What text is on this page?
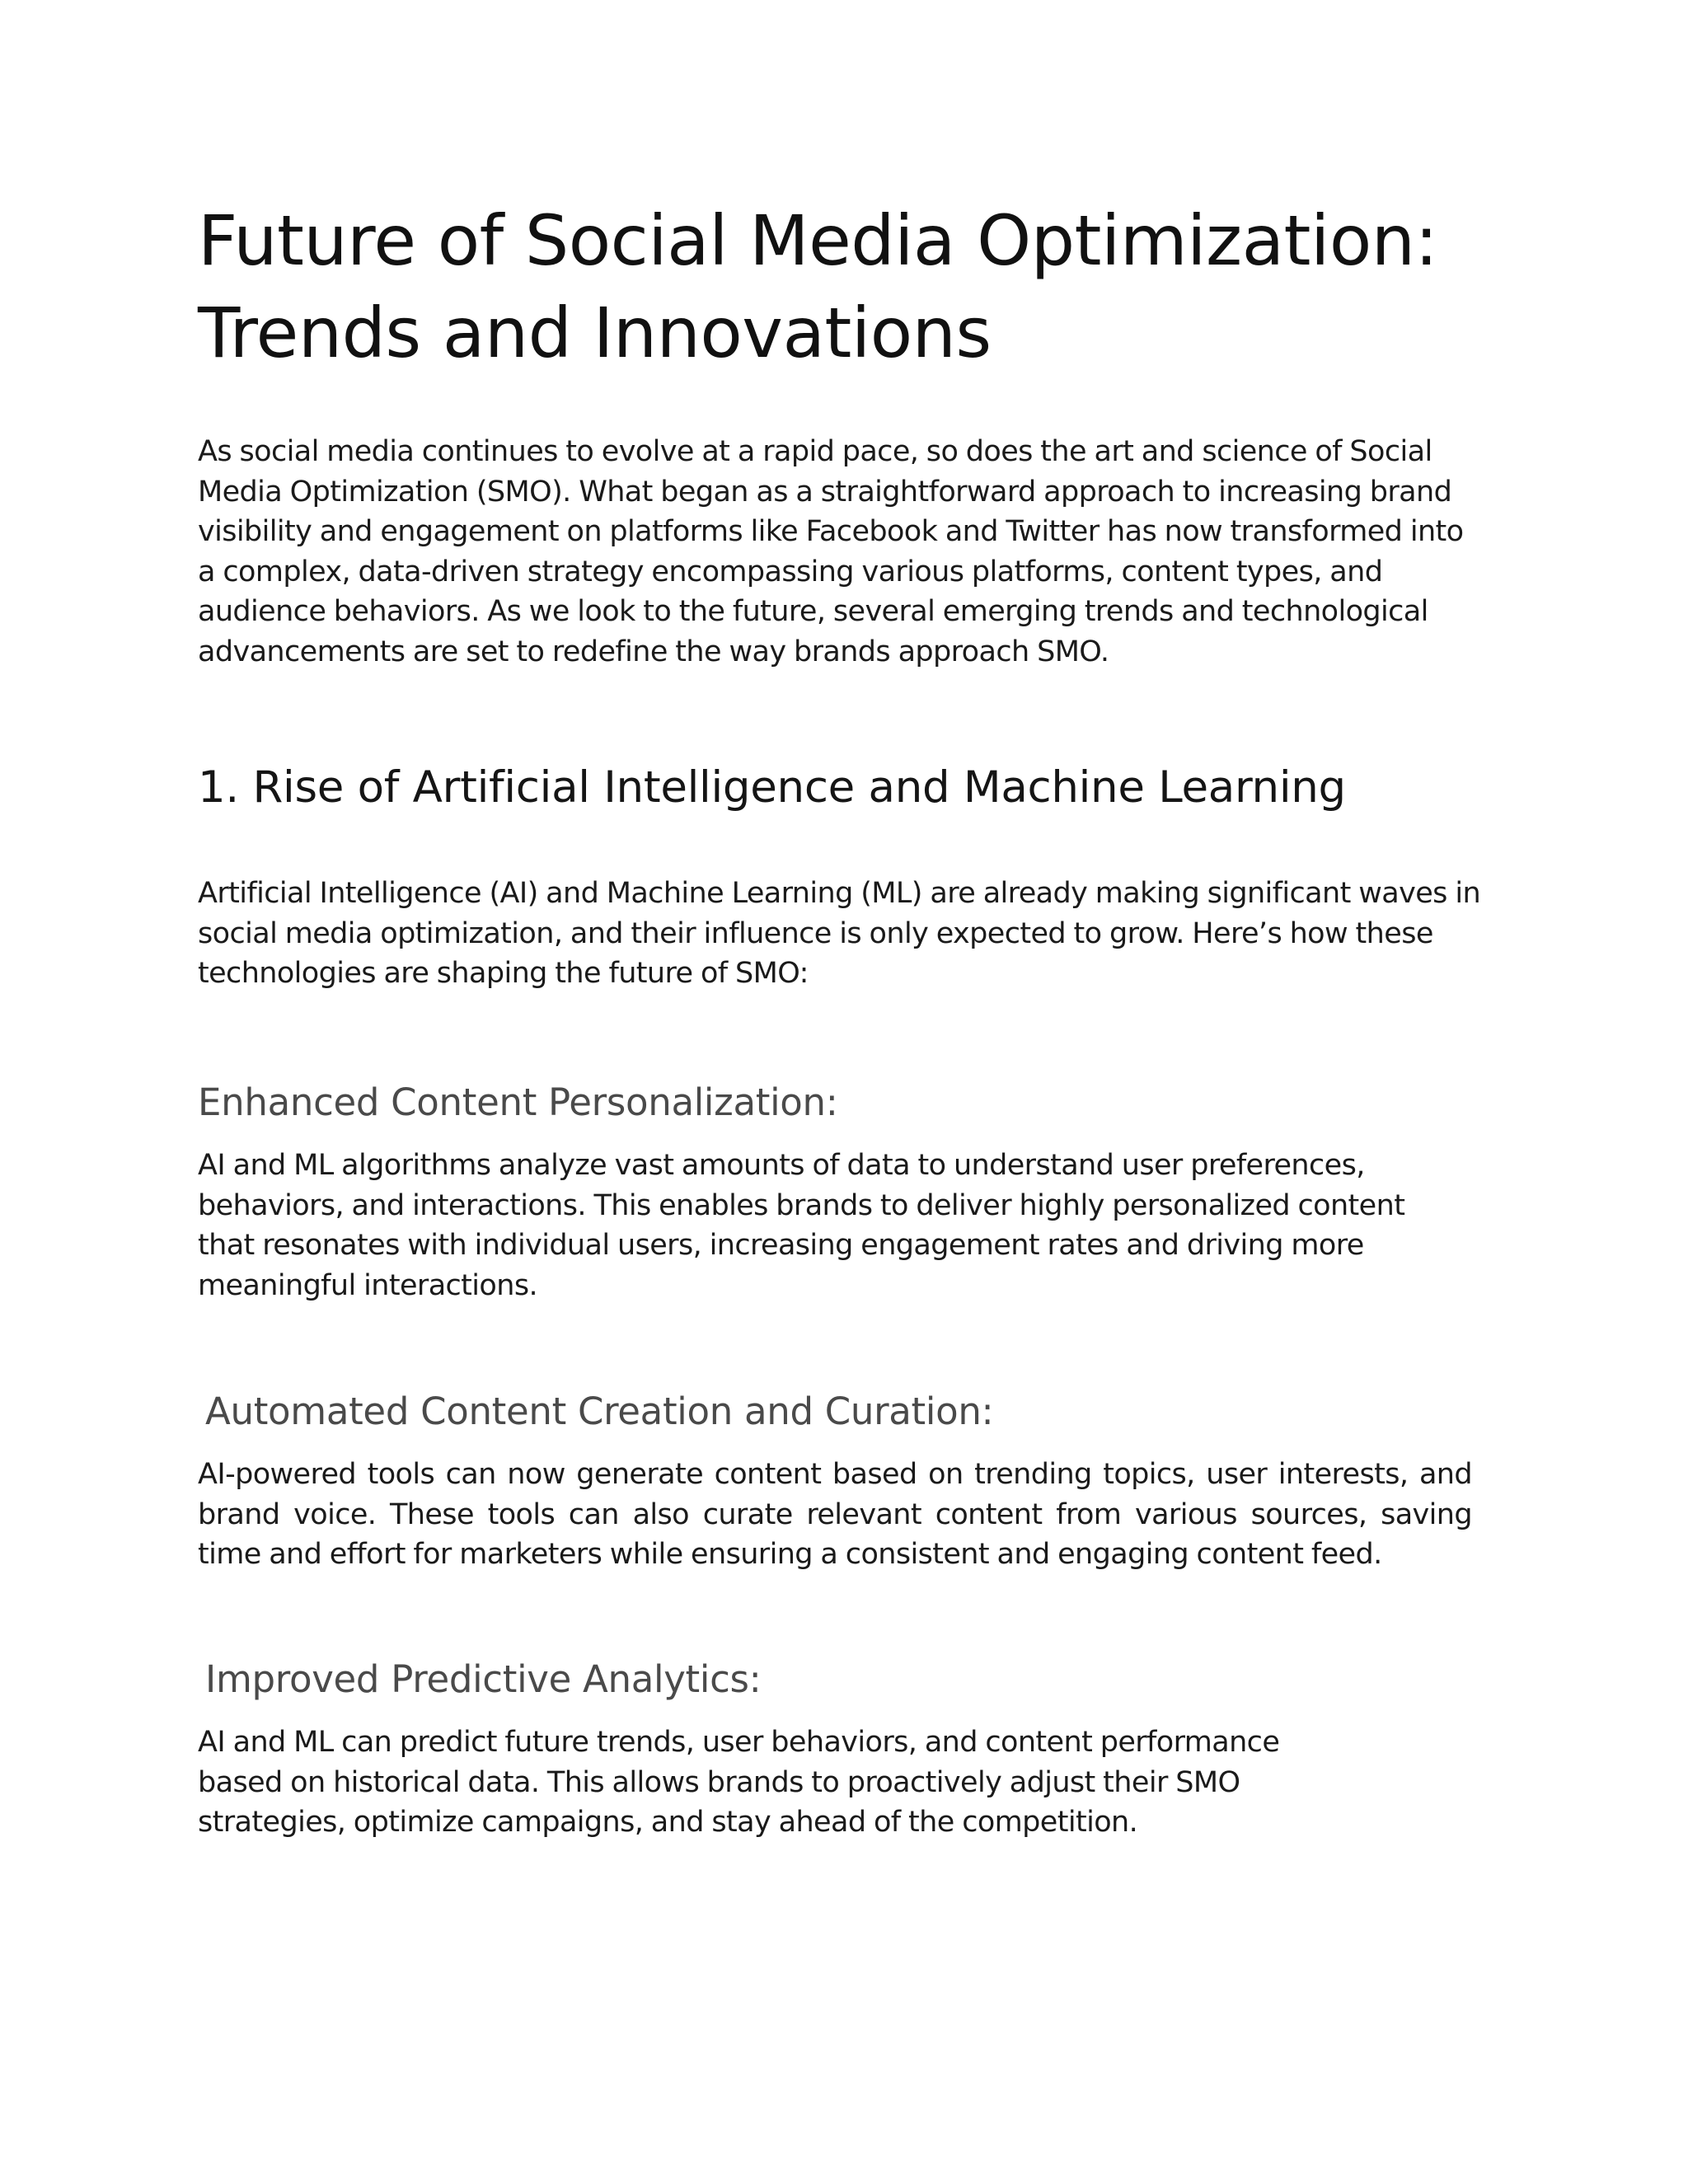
Future of Social Media Optimization: Trends and Innovations

As social media continues to evolve at a rapid pace, so does the art and science of Social Media Optimization (SMO). What began as a straightforward approach to increasing brand visibility and engagement on platforms like Facebook and Twitter has now transformed into a complex, data-driven strategy encompassing various platforms, content types, and audience behaviors. As we look to the future, several emerging trends and technological advancements are set to redefine the way brands approach SMO.

1. Rise of Artificial Intelligence and Machine Learning

Artificial Intelligence (AI) and Machine Learning (ML) are already making significant waves in social media optimization, and their influence is only expected to grow. Here’s how these technologies are shaping the future of SMO:

Enhanced Content Personalization:

AI and ML algorithms analyze vast amounts of data to understand user preferences, behaviors, and interactions. This enables brands to deliver highly personalized content that resonates with individual users, increasing engagement rates and driving more meaningful interactions.

Automated Content Creation and Curation:

AI-powered tools can now generate content based on trending topics, user interests, and brand voice. These tools can also curate relevant content from various sources, saving time and effort for marketers while ensuring a consistent and engaging content feed.

Improved Predictive Analytics:

AI and ML can predict future trends, user behaviors, and content performance based on historical data. This allows brands to proactively adjust their SMO strategies, optimize campaigns, and stay ahead of the competition.
